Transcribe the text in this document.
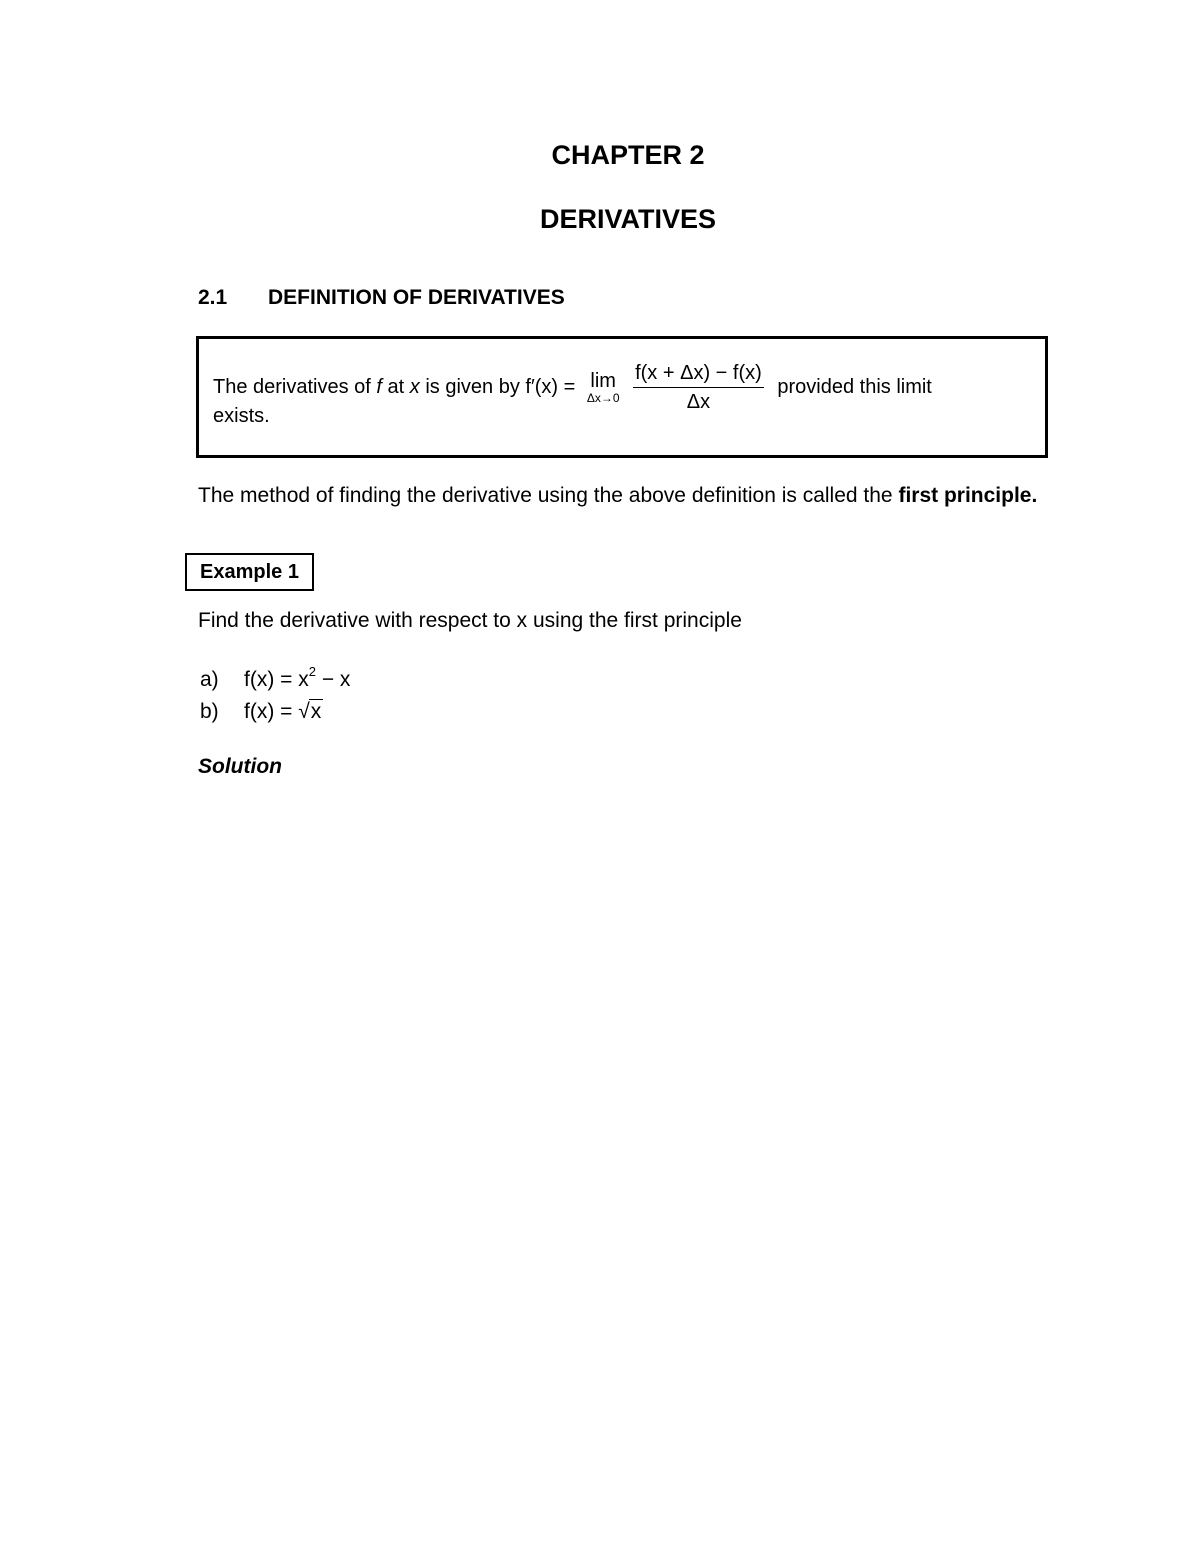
CHAPTER 2
DERIVATIVES
2.1 DEFINITION OF DERIVATIVES
The derivatives of f at x is given by f′(x) = lim
Δx→0
$\frac{f(x + \Delta x) - f(x)}{\Delta x}$ provided this limit
exists.
The method of finding the derivative using the above definition is called the first principle.
Example 1
Find the derivative with respect to x using the first principle
a) $f(x) = x^2 - x$
b) f(x) = √x
Solution
